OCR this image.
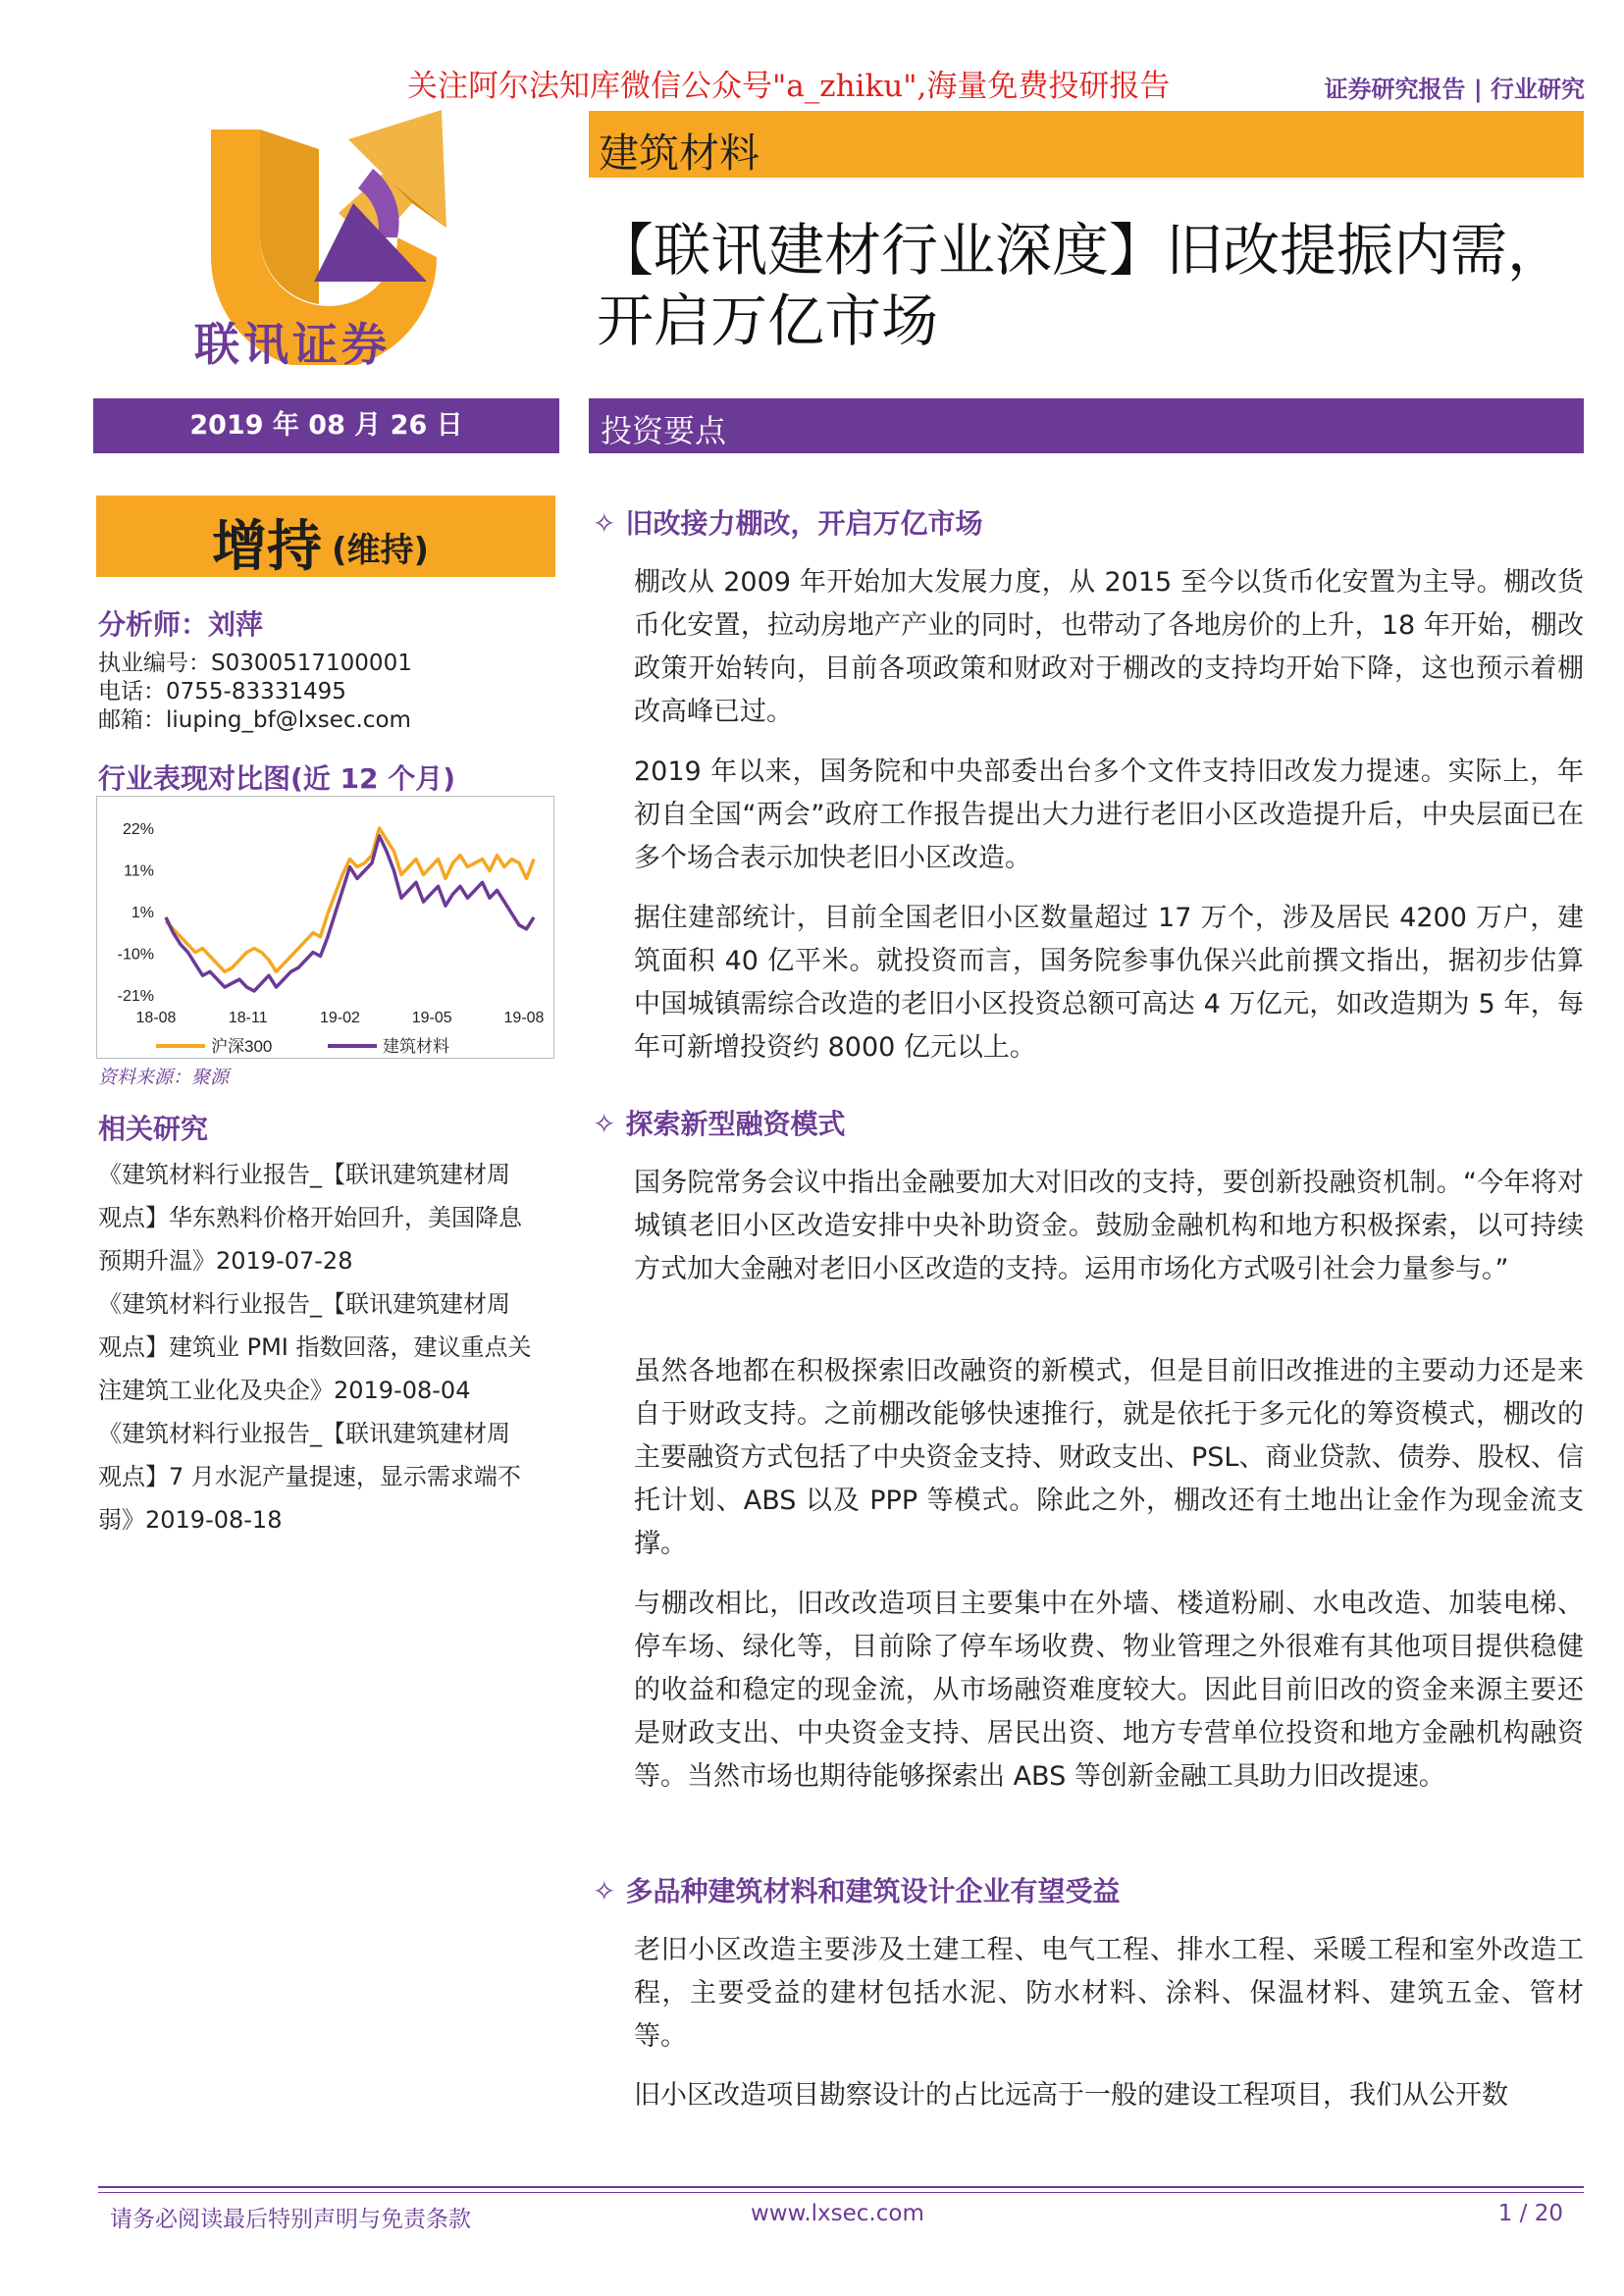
关注阿尔法知库微信公众号"a_zhiku",海量免费投研报告	证券研究报告 | 行业研究
联讯证券
建筑材料
【联讯建材行业深度】旧改提振内需，
开启万亿市场
2019 年 08 月 26 日
增持 (维持)
分析师：刘萍
执业编号：S0300517100001
电话：0755-83331495
邮箱：liuping_bf@lxsec.com
行业表现对比图(近 12 个月)
22%
11%
1%
-10%
-21%
18-08	18-11	19-02	19-05	19-08
沪深300	建筑材料
资料来源：聚源
相关研究
《建筑材料行业报告_【联讯建筑建材周
观点】华东熟料价格开始回升，美国降息
预期升温》2019-07-28
《建筑材料行业报告_【联讯建筑建材周
观点】建筑业 PMI 指数回落，建议重点关
注建筑工业化及央企》2019-08-04
《建筑材料行业报告_【联讯建筑建材周
观点】7 月水泥产量提速，显示需求端不
弱》2019-08-18
投资要点
✧ 旧改接力棚改，开启万亿市场
棚改从 2009 年开始加大发展力度，从 2015 至今以货币化安置为主导。棚改货币化安置，拉动房地产产业的同时，也带动了各地房价的上升，18 年开始，棚改政策开始转向，目前各项政策和财政对于棚改的支持均开始下降，这也预示着棚改高峰已过。
2019 年以来，国务院和中央部委出台多个文件支持旧改发力提速。实际上，年初自全国“两会”政府工作报告提出大力进行老旧小区改造提升后，中央层面已在多个场合表示加快老旧小区改造。
据住建部统计，目前全国老旧小区数量超过 17 万个，涉及居民 4200 万户，建筑面积 40 亿平米。就投资而言，国务院参事仇保兴此前撰文指出，据初步估算中国城镇需综合改造的老旧小区投资总额可高达 4 万亿元，如改造期为 5 年，每年可新增投资约 8000 亿元以上。
✧ 探索新型融资模式
国务院常务会议中指出金融要加大对旧改的支持，要创新投融资机制。“今年将对城镇老旧小区改造安排中央补助资金。鼓励金融机构和地方积极探索，以可持续方式加大金融对老旧小区改造的支持。运用市场化方式吸引社会力量参与。”
虽然各地都在积极探索旧改融资的新模式，但是目前旧改推进的主要动力还是来自于财政支持。之前棚改能够快速推行，就是依托于多元化的筹资模式，棚改的主要融资方式包括了中央资金支持、财政支出、PSL、商业贷款、债券、股权、信托计划、ABS 以及 PPP 等模式。除此之外，棚改还有土地出让金作为现金流支撑。
与棚改相比，旧改改造项目主要集中在外墙、楼道粉刷、水电改造、加装电梯、停车场、绿化等，目前除了停车场收费、物业管理之外很难有其他项目提供稳健的收益和稳定的现金流，从市场融资难度较大。因此目前旧改的资金来源主要还是财政支出、中央资金支持、居民出资、地方专营单位投资和地方金融机构融资等。当然市场也期待能够探索出 ABS 等创新金融工具助力旧改提速。
✧ 多品种建筑材料和建筑设计企业有望受益
老旧小区改造主要涉及土建工程、电气工程、排水工程、采暖工程和室外改造工程，主要受益的建材包括水泥、防水材料、涂料、保温材料、建筑五金、管材等。
旧小区改造项目勘察设计的占比远高于一般的建设工程项目，我们从公开数
请务必阅读最后特别声明与免责条款	www.lxsec.com	1 / 20
